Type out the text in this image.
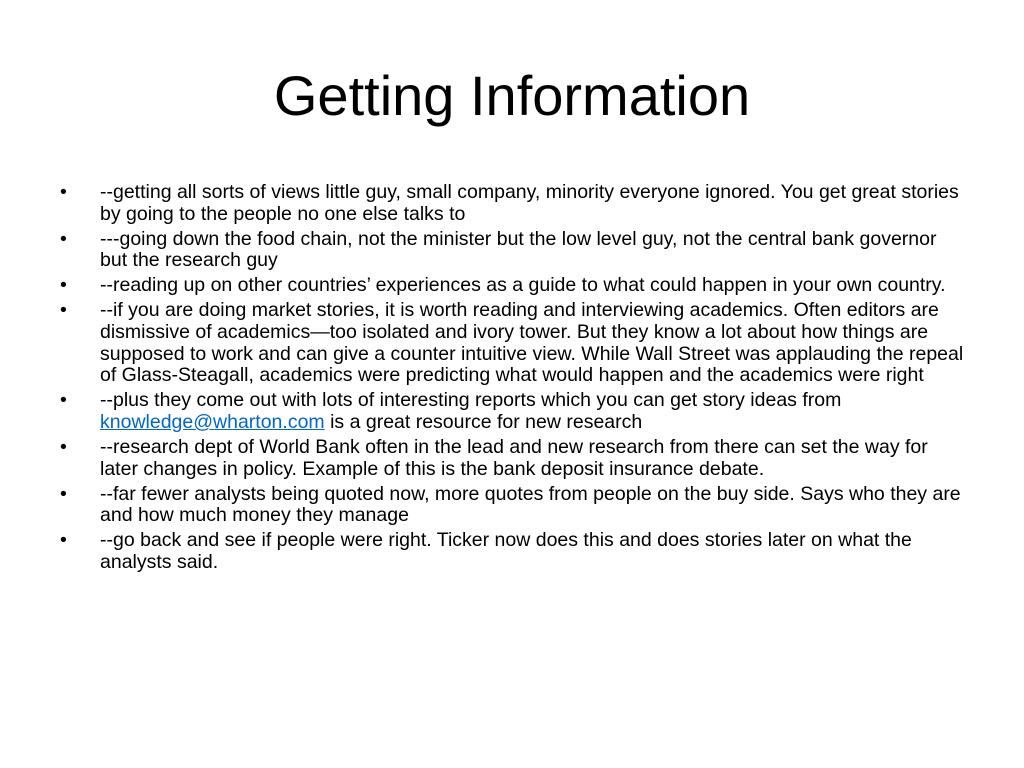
Getting Information
•	--getting all sorts of views little guy, small company, minority everyone ignored. You get great stories by going to the people no one else talks to
•	---going down the food chain, not the minister but the low level guy, not the central bank governor but the research guy
•	--reading up on other countries’ experiences as a guide to what could happen in your own country.
•	--if you are doing market stories, it is worth reading and interviewing academics. Often editors are dismissive of academics—too isolated and ivory tower. But they know a lot about how things are supposed to work and can give a counter intuitive view. While Wall Street was applauding the repeal of Glass-Steagall, academics were predicting what would happen and the academics were right
•	--plus they come out with lots of interesting reports which you can get story ideas from knowledge@wharton.com is a great resource for new research
•	--research dept of World Bank often in the lead and new research from there can set the way for later changes in policy. Example of this is the bank deposit insurance debate.
•	--far fewer analysts being quoted now, more quotes from people on the buy side. Says who they are and how much money they manage
•	--go back and see if people were right. Ticker now does this and does stories later on what the analysts said.
